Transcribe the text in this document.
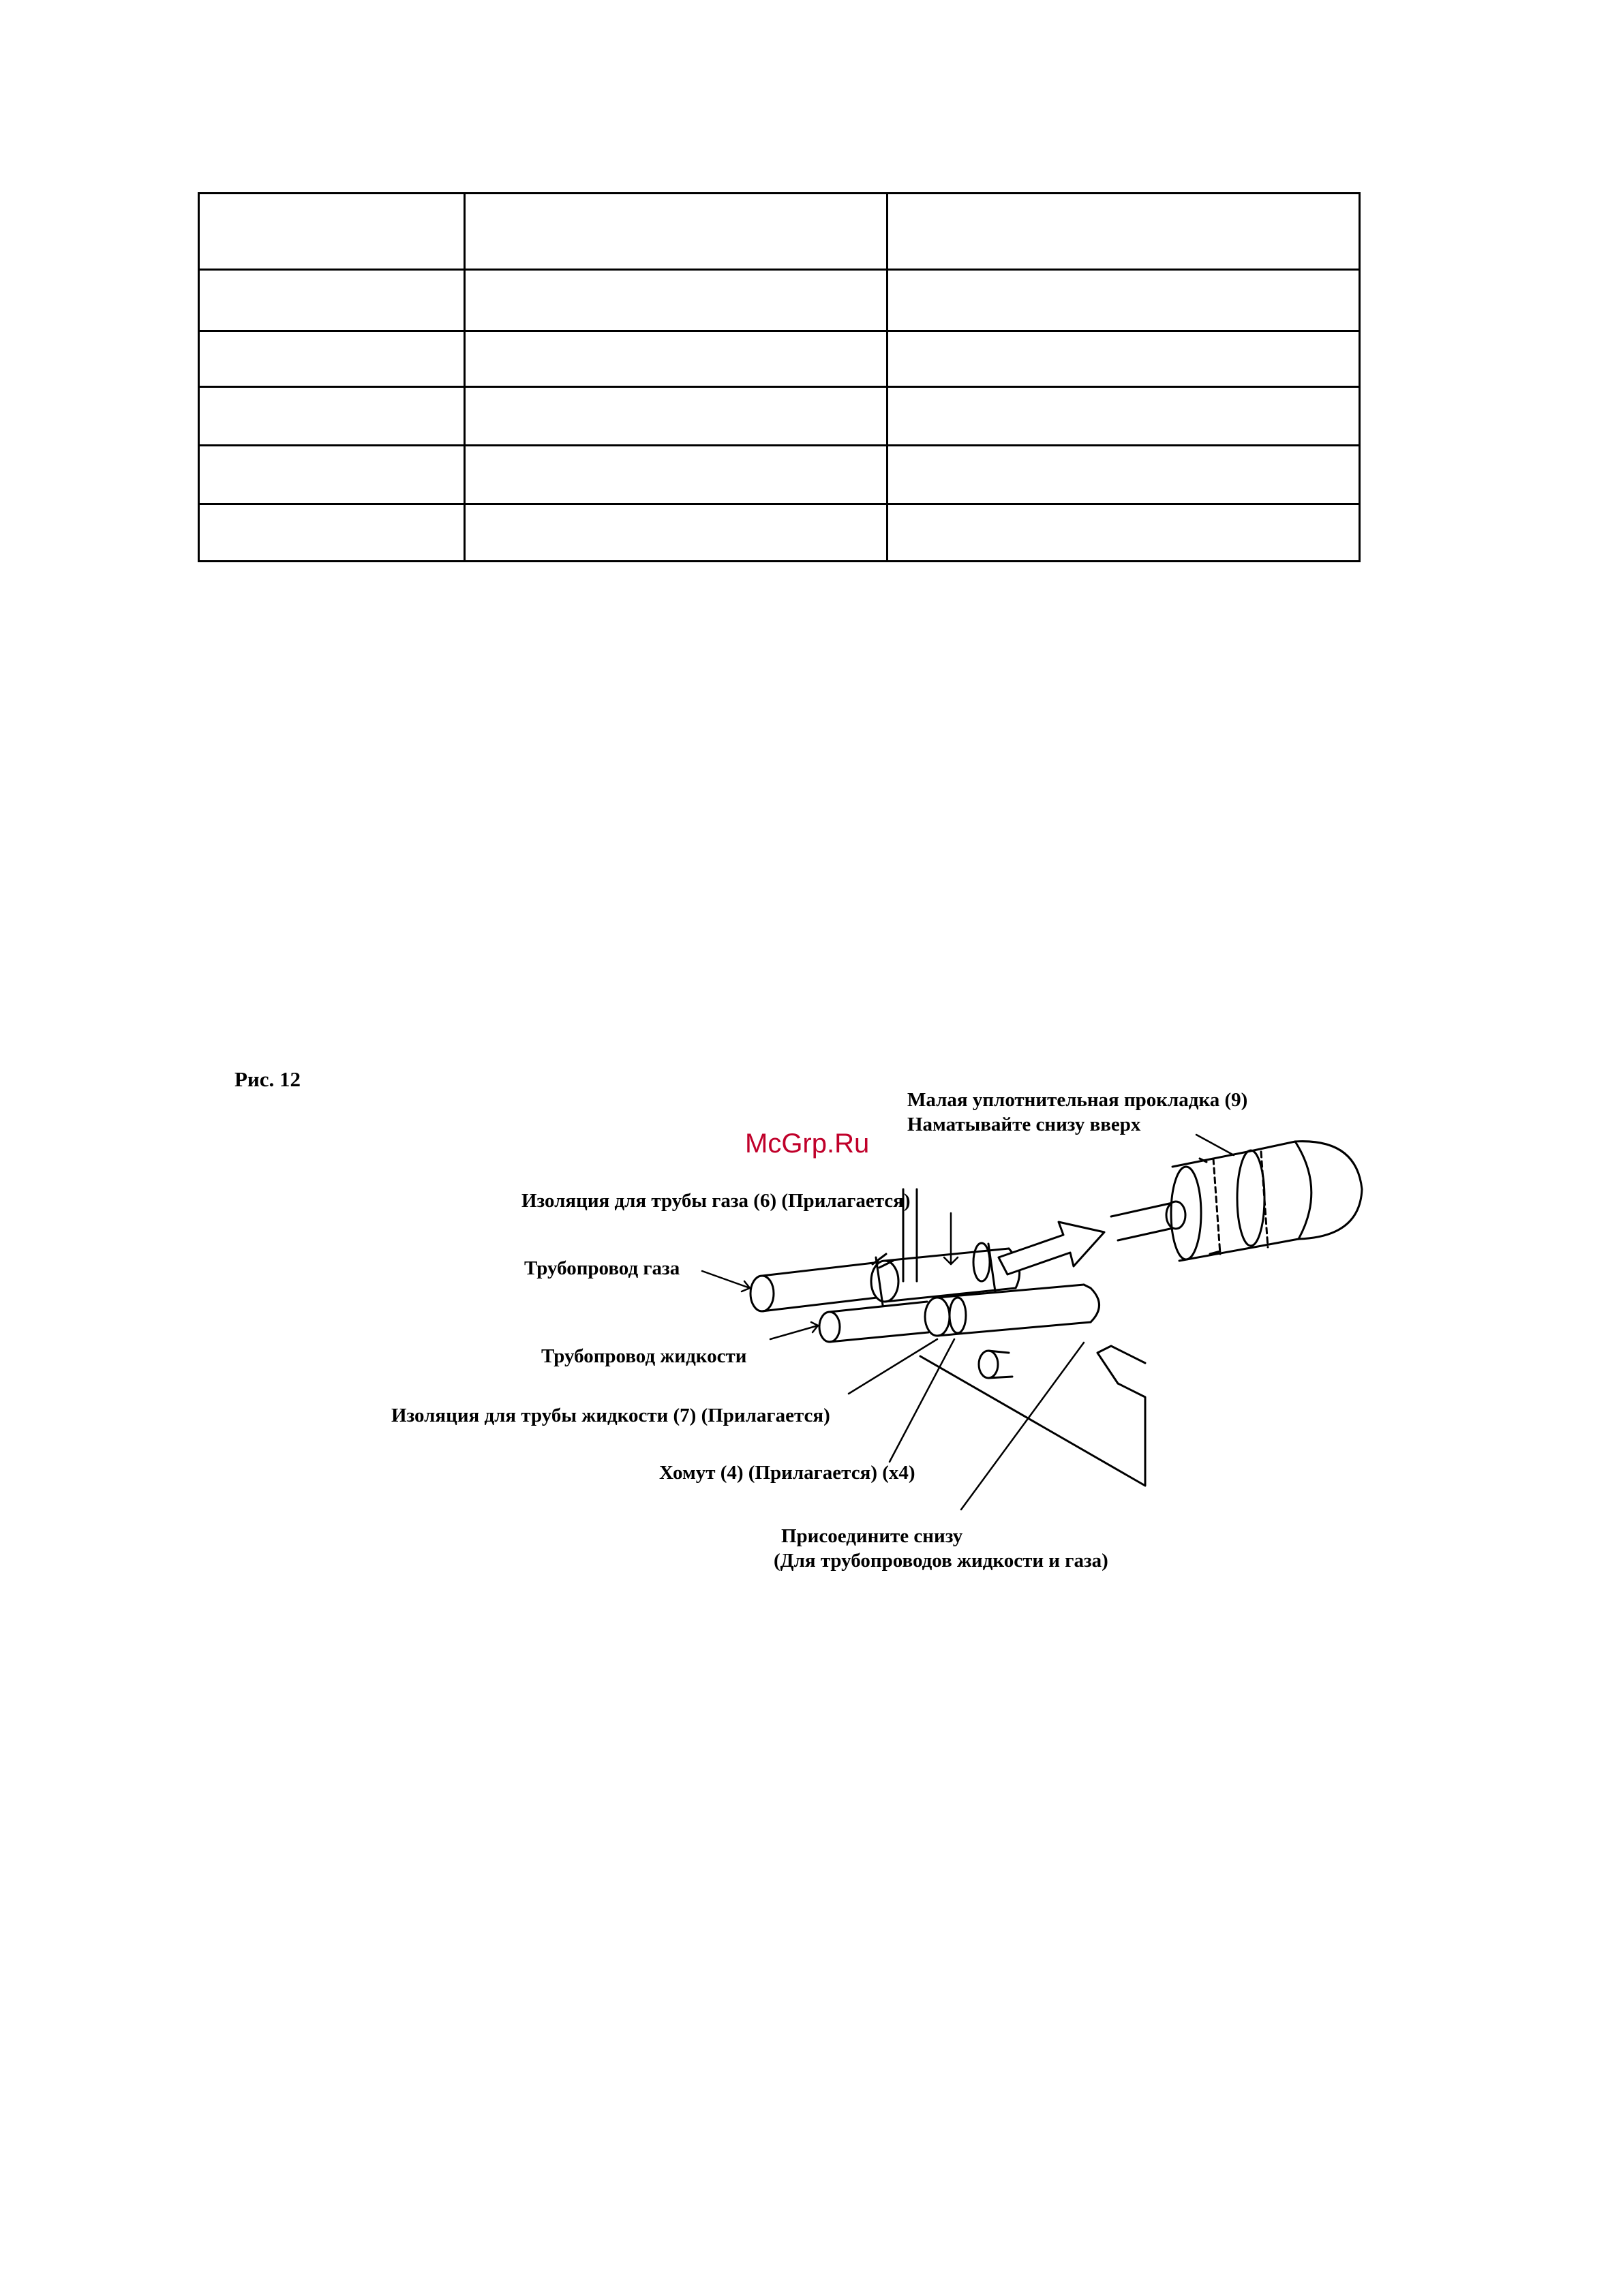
Рис. 12
McGrp.Ru
Малая уплотнительная прокладка (9)
Наматывайте снизу вверх
Изоляция для трубы газа (6) (Прилагается)
Трубопровод газа
Трубопровод жидкости
Изоляция для трубы жидкости (7) (Прилагается)
Хомут (4) (Прилагается) (x4)
Присоедините снизу
(Для трубопроводов жидкости и газа)
